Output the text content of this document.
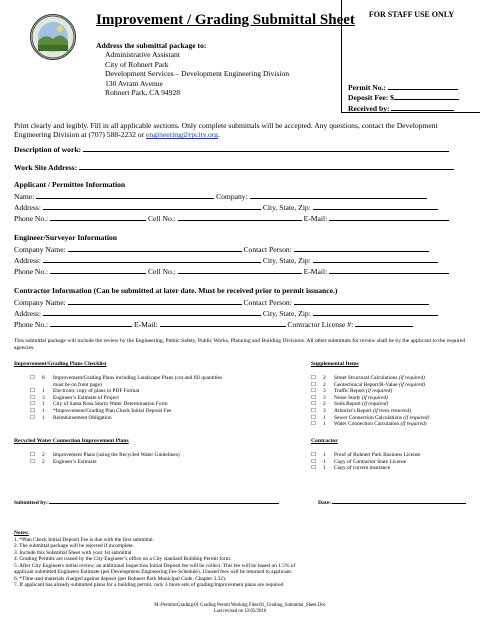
Improvement / Grading Submittal Sheet
Address the submittal package to:
Administrative Assistant
City of Rohnert Park
Development Services – Development Engineering Division
130 Avram Avenue
Rohnert Park, CA 94928
FOR STAFF USE ONLY
Permit No.:
Deposit Fee: $
Received by:
Print clearly and legibly. Fill in all applicable sections. Only complete submittals will be accepted. Any questions, contact the Development Engineering Division at (707) 588-2232 or engineering@rpcity.org.
Description of work:
Work Site Address:
Applicant / Permittee Information
Name:	Company:
Address:	City, State, Zip:
Phone No.:	Cell No.:	E-Mail:
Engineer/Surveyor Information
Company Name:	Contact Person:
Address:	City, State, Zip:
Phone No.:	Cell No.:	E-Mail:
Contractor Information (Can be submitted at later date. Must be received prior to permit issuance.)
Company Name:	Contact Person:
Address:	City, State, Zip:
Phone No.:	E-Mail:	Contractor License #:
This submittal package will include the review by the Engineering, Public Safety, Public Works, Planning and Building Divisions. All other submittals for review shall be by the applicant to the required agencies.
Improvement/Grading Plans Checklist
☐	8	Improvement/Grading Plans including Landscape Plans (cut and fill quantities must be on front page)
☐	1	Electronic copy of plans in PDF Format
☐	3	Engineer’s Estimate of Project
☐	1	City of Santa Rosa Storm Water Determination Form
☐	1	*Improvement/Grading Plan Check Initial Deposit Fee
☐	1	Reimbursement Obligation
Recycled Water Connection Improvement Plans
☐	2	Improvement Plans (using the Recycled Water Guidelines)
☐	2	Engineer’s Estimate
Supplemental Items
☐	2	Street Structural Calculations (if required)
☐	2	Geotechnical Report/R-Value (if required)
☐	3	Traffic Report (if required)
☐	3	Noise Study (if required)
☐	2	Soils Report (if required)
☐	3	Arborist’s Report (if trees removed)
☐	1	Sewer Connection Calculations (if required)
☐	1	Water Connection Calculation (if required)
Contractor
☐	1	Proof of Rohnert Park Business License
☐	1	Copy of Contractor State License
☐	1	Copy of current insurance
Submitted by:	Date:
Notes:
1. *Plan Check Initial Deposit Fee is due with the first submittal.
2. The submittal package will be rejected if incomplete.
3. Include this Submittal Sheet with your 1st submittal
4. Grading Permits are issued by the City Engineer’s office on a City standard Building Permit form.
5. After City Engineers initial review, an additional Inspection Initial Deposit fee will be collect. This fee will be based on 1.5% of
applicant submitted Engineers Estimate (per Development Engineering Fee Schedule). Unused fees will be returned to applicant.
6. *Time-and-materials charged against deposit (per Rohnert Park Municipal Code, Chapter 3.32).
7. If applicant has already submitted plans for a building permit, only 3 more sets of grading/improvement plans are required
M:\Permits\Grading\01 Grading Permit Working Files\01_Grading_Submittal_Sheet.Doc
Last revised on 12/05/2016
